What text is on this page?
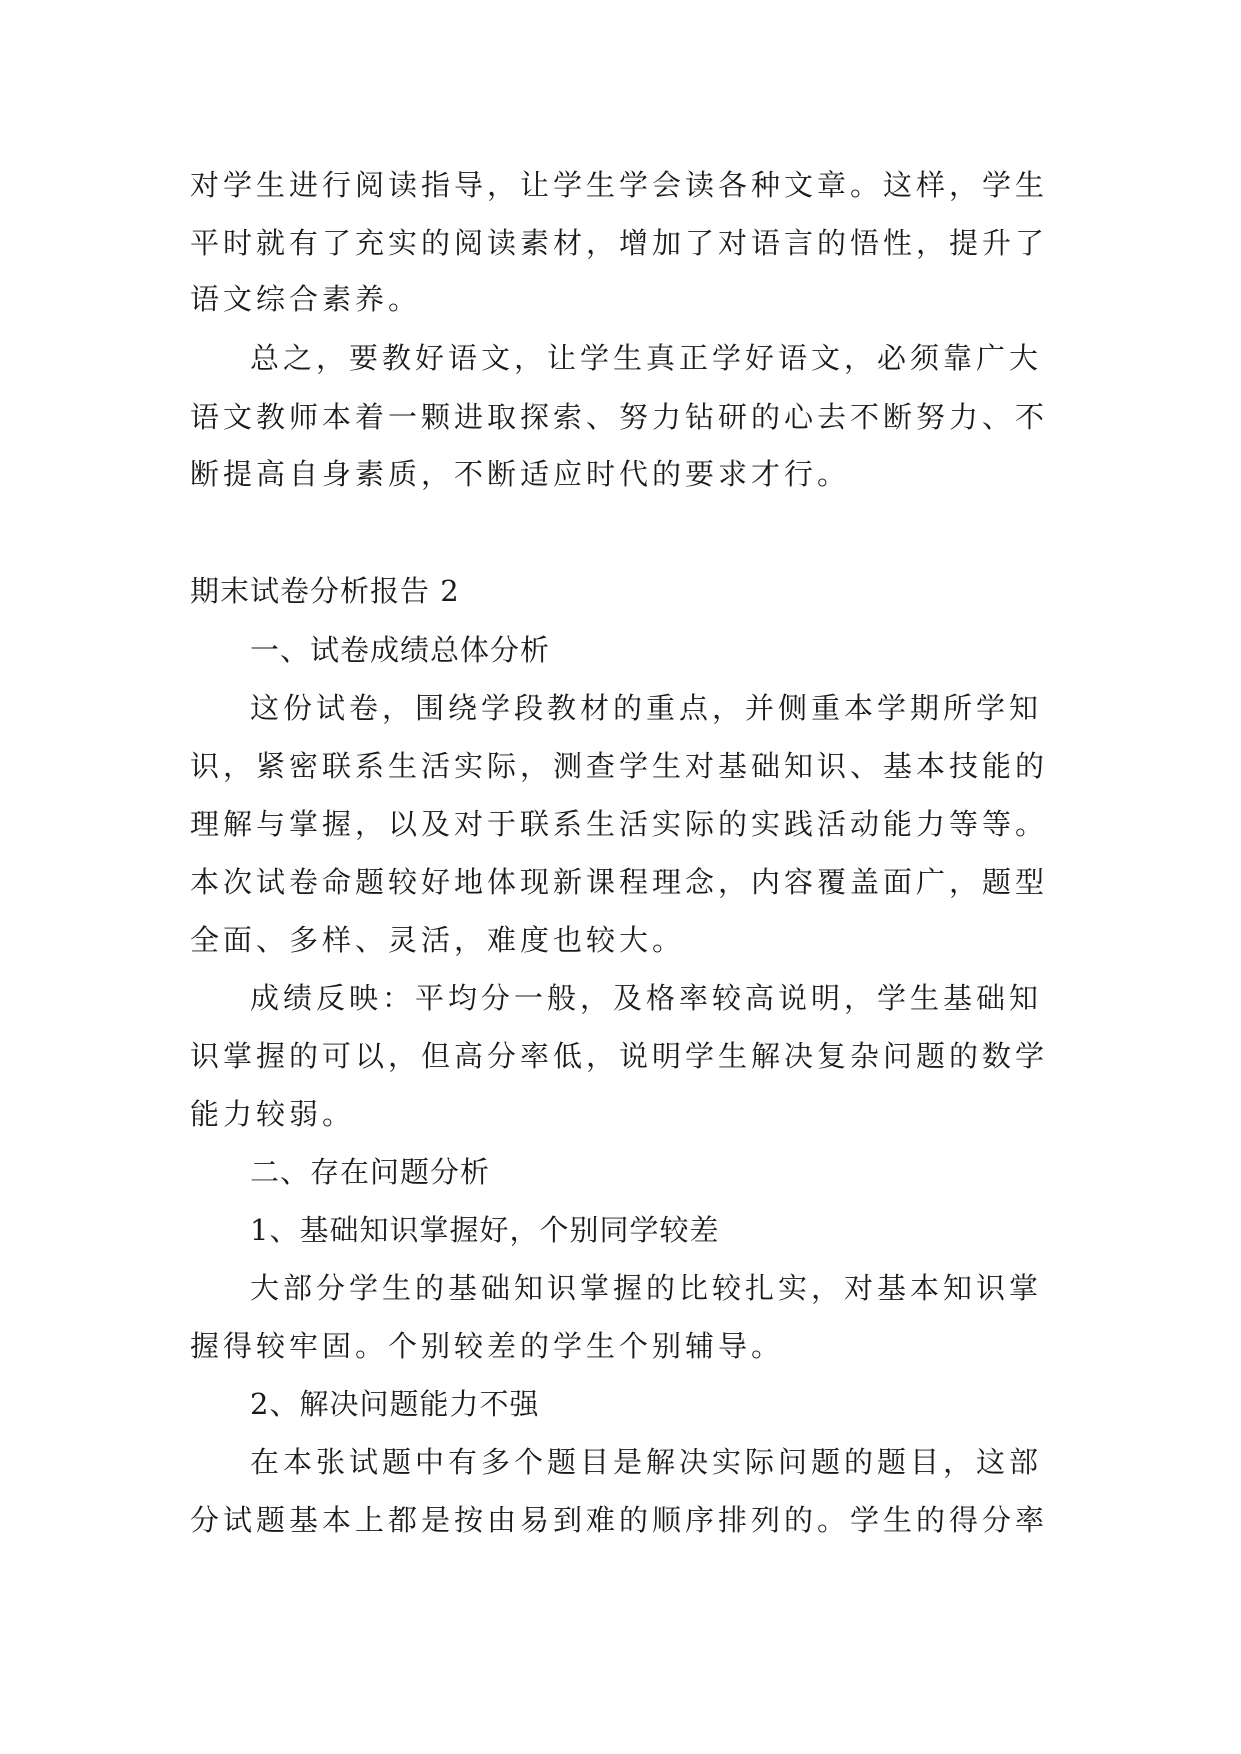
对学生进行阅读指导，让学生学会读各种文章。这样，学生
平时就有了充实的阅读素材，增加了对语言的悟性，提升了
语文综合素养。
总之，要教好语文，让学生真正学好语文，必须靠广大
语文教师本着一颗进取探索、努力钻研的心去不断努力、不
断提高自身素质，不断适应时代的要求才行。
期末试卷分析报告 2
一、试卷成绩总体分析
这份试卷，围绕学段教材的重点，并侧重本学期所学知
识，紧密联系生活实际，测查学生对基础知识、基本技能的
理解与掌握，以及对于联系生活实际的实践活动能力等等。
本次试卷命题较好地体现新课程理念，内容覆盖面广，题型
全面、多样、灵活，难度也较大。
成绩反映：平均分一般，及格率较高说明，学生基础知
识掌握的可以，但高分率低，说明学生解决复杂问题的数学
能力较弱。
二、存在问题分析
1、基础知识掌握好，个别同学较差
大部分学生的基础知识掌握的比较扎实，对基本知识掌
握得较牢固。个别较差的学生个别辅导。
2、解决问题能力不强
在本张试题中有多个题目是解决实际问题的题目，这部
分试题基本上都是按由易到难的顺序排列的。学生的得分率
